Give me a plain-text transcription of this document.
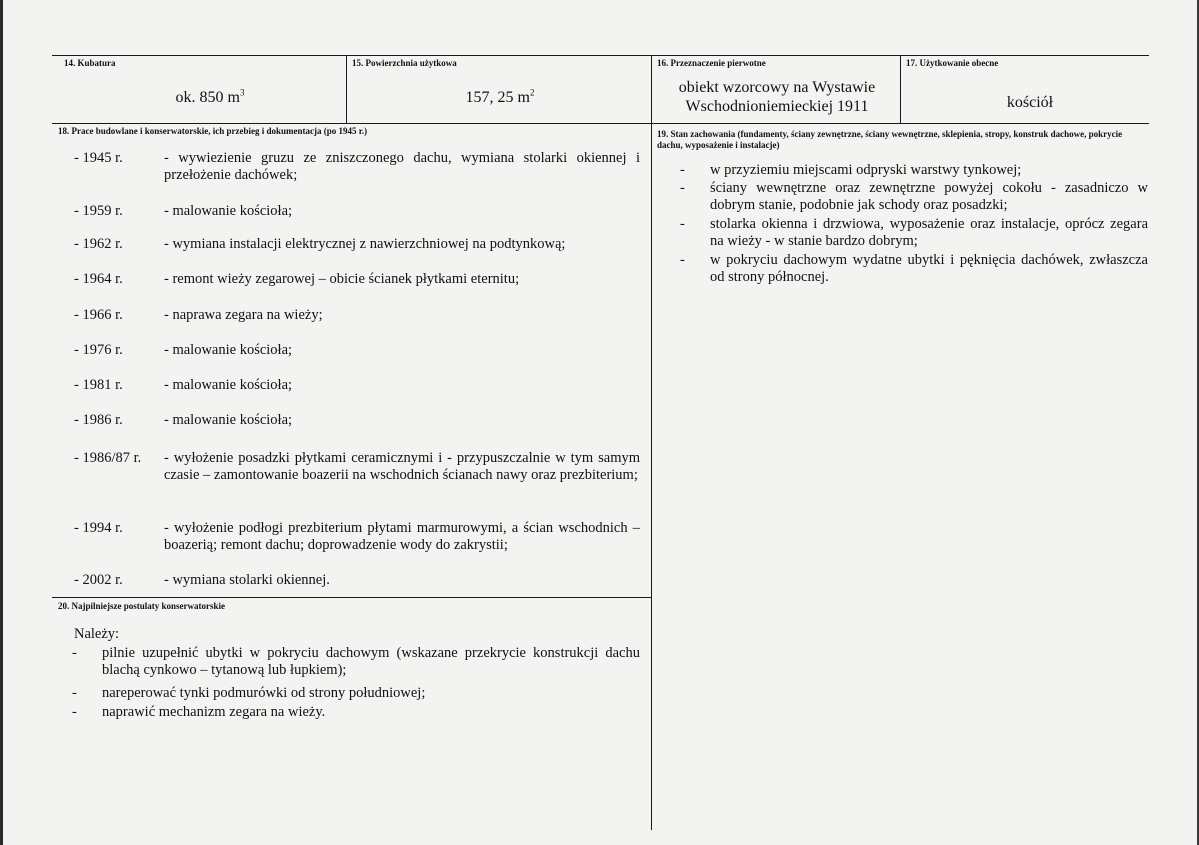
14. Kubatura
ok. 850 $m^3$
15. Powierzchnia użytkowa
157, 25 $m^2$
16. Przeznaczenie pierwotne
obiekt wzorcowy na Wystawie
Wschodnioniemieckiej 1911
17. Użytkowanie obecne
kościół
18. Prace budowlane i konserwatorskie, ich przebieg i dokumentacja (po 1945 r.)
- 1945 r.	- wywiezienie gruzu ze zniszczonego dachu, wymiana stolarki okiennej i przełożenie dachówek;
- 1959 r.	- malowanie kościoła;
- 1962 r.	- wymiana instalacji elektrycznej z nawierzchniowej na podtynkową;
- 1964 r.	- remont wieży zegarowej – obicie ścianek płytkami eternitu;
- 1966 r.	- naprawa zegara na wieży;
- 1976 r.	- malowanie kościoła;
- 1981 r.	- malowanie kościoła;
- 1986 r.	- malowanie kościoła;
- 1986/87 r. - wyłożenie posadzki płytkami ceramicznymi i - przypuszczalnie w tym samym czasie – zamontowanie boazerii na wschodnich ścianach nawy oraz prezbiterium;
- 1994 r.	- wyłożenie podłogi prezbiterium płytami marmurowymi, a ścian wschodnich – boazerią; remont dachu; doprowadzenie wody do zakrystii;
- 2002 r.	- wymiana stolarki okiennej.
19. Stan zachowania (fundamenty, ściany zewnętrzne, ściany wewnętrzne, sklepienia, stropy, konstruk dachowe, pokrycie dachu, wyposażenie i instalacje)
- w przyziemiu miejscami odpryski warstwy tynkowej;
- ściany wewnętrzne oraz zewnętrzne powyżej cokołu - zasadniczo w dobrym stanie, podobnie jak schody oraz posadzki;
- stolarka okienna i drzwiowa, wyposażenie oraz instalacje, oprócz zegara na wieży - w stanie bardzo dobrym;
- w pokryciu dachowym wydatne ubytki i pęknięcia dachówek, zwłaszcza od strony północnej.
20. Najpilniejsze postulaty konserwatorskie
Należy:
- pilnie uzupełnić ubytki w pokryciu dachowym (wskazane przekrycie konstrukcji dachu blachą cynkowo – tytanową lub łupkiem);
- nareperować tynki podmurówki od strony południowej;
- naprawić mechanizm zegara na wieży.
